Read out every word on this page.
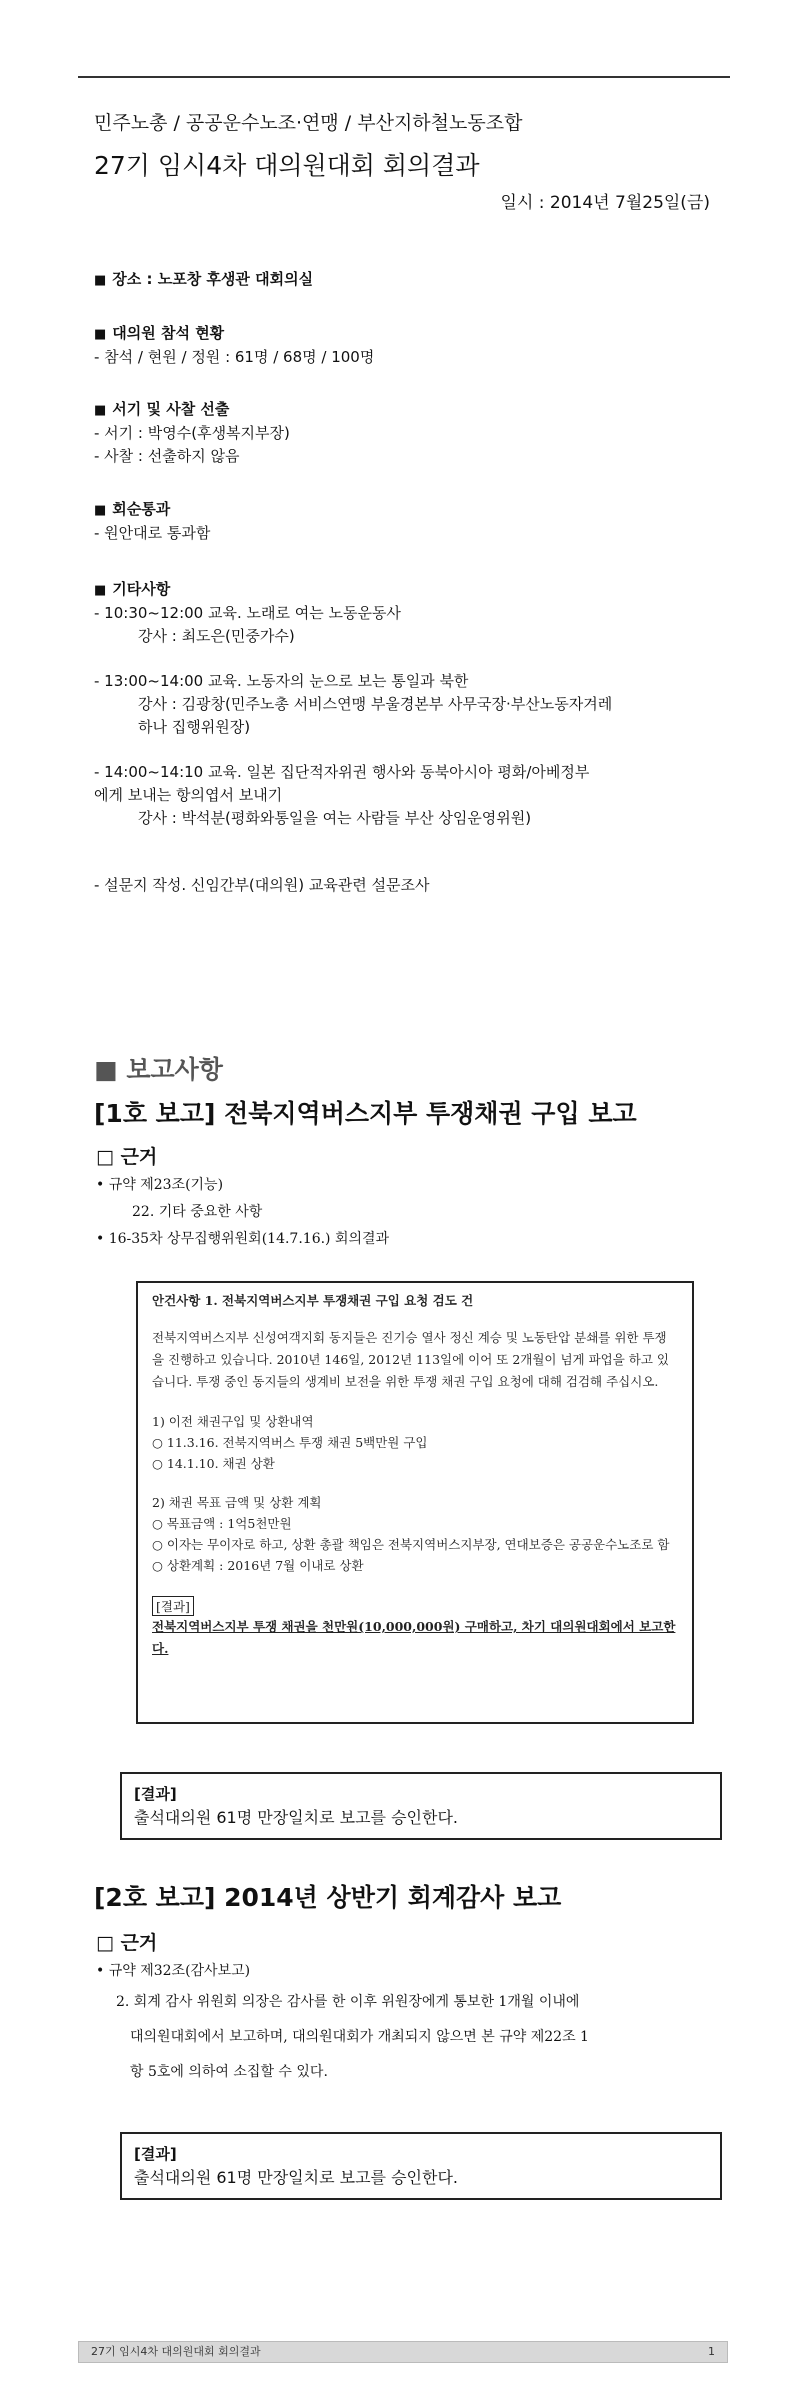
민주노총 / 공공운수노조·연맹 / 부산지하철노동조합
27기 임시4차 대의원대회 회의결과
일시 : 2014년 7월25일(금)
■ 장소 : 노포창 후생관 대회의실
■ 대의원 참석 현황
- 참석 / 현원 / 정원 : 61명 / 68명 / 100명
■ 서기 및 사찰 선출
- 서기 : 박영수(후생복지부장)
- 사찰 : 선출하지 않음
■ 회순통과
- 원안대로 통과함
■ 기타사항
- 10:30~12:00 교육. 노래로 여는 노동운동사
강사 : 최도은(민중가수)
- 13:00~14:00 교육. 노동자의 눈으로 보는 통일과 북한
강사 : 김광창(민주노총 서비스연맹 부울경본부 사무국장·부산노동자겨레
하나 집행위원장)
- 14:00~14:10 교육. 일본 집단적자위권 행사와 동북아시아 평화/아베정부
에게 보내는 항의엽서 보내기
강사 : 박석분(평화와통일을 여는 사람들 부산 상임운영위원)
- 설문지 작성. 신임간부(대의원) 교육관련 설문조사
■ 보고사항
[1호 보고] 전북지역버스지부 투쟁채권 구입 보고
□ 근거
• 규약 제23조(기능)
22. 기타 중요한 사항
• 16-35차 상무집행위원회(14.7.16.) 회의결과

안건사항 1. 전북지역버스지부 투쟁채권 구입 요청 검도 건

전북지역버스지부 신성여객지회 동지들은 진기승 열사 정신 계승 및 노동탄압 분쇄를 위한 투쟁을 진행하고 있습니다. 2010년 146일, 2012년 113일에 이어 또 2개월이 넘게 파업을 하고 있습니다. 투쟁 중인 동지들의 생계비 보전을 위한 투쟁 채권 구입 요청에 대해 검검해 주십시오.

1) 이전 채권구입 및 상환내역

○ 11.3.16. 전북지역버스 투쟁 채권 5백만원 구입

○ 14.1.10. 채권 상환

2) 채권 목표 금액 및 상환 계획

○ 목표금액 : 1억5천만원

○ 이자는 무이자로 하고, 상환 총괄 책임은 전북지역버스지부장, 연대보증은 공공운수노조로 함

○ 상환계획 : 2016년 7월 이내로 상환

[결과]

전북지역버스지부 투쟁 채권을 천만원(10,000,000원) 구매하고, 차기 대의원대회에서 보고한다.

[결과]
출석대의원 61명 만장일치로 보고를 승인한다.
[2호 보고] 2014년 상반기 회계감사 보고
□ 근거
• 규약 제32조(감사보고)
2. 회계 감사 위원회 의장은 감사를 한 이후 위원장에게 통보한 1개월 이내에
대의원대회에서 보고하며, 대의원대회가 개최되지 않으면 본 규약 제22조 1
항 5호에 의하여 소집할 수 있다.
[결과]
출석대의원 61명 만장일치로 보고를 승인한다.
27기 임시4차 대의원대회 회의결과	1
